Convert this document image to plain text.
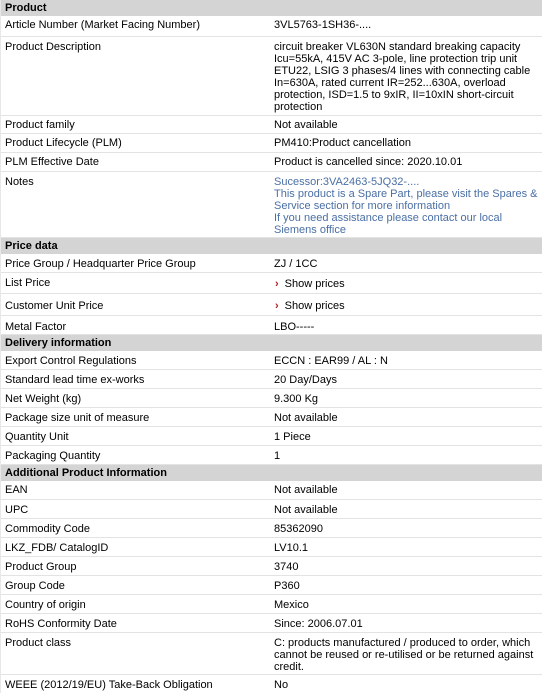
Product
Article Number (Market Facing Number)	3VL5763-1SH36-....
Product Description	circuit breaker VL630N standard breaking capacity Icu=55kA, 415V AC 3-pole, line protection trip unit ETU22, LSIG 3 phases/4 lines with connecting cable In=630A, rated current IR=252...630A, overload protection, ISD=1.5 to 9xIR, II=10xIN short-circuit protection
Product family	Not available
Product Lifecycle (PLM)	PM410:Product cancellation
PLM Effective Date	Product is cancelled since: 2020.10.01
Notes	Sucessor:3VA2463-5JQ32-....
This product is a Spare Part, please visit the Spares & Service section for more information
If you need assistance please contact our local Siemens office
Price data
Price Group / Headquarter Price Group	ZJ / 1CC
List Price	› Show prices
Customer Unit Price	› Show prices
Metal Factor	LBO-----
Delivery information
Export Control Regulations	ECCN : EAR99 / AL : N
Standard lead time ex-works	20 Day/Days
Net Weight (kg)	9.300 Kg
Package size unit of measure	Not available
Quantity Unit	1 Piece
Packaging Quantity	1
Additional Product Information
EAN	Not available
UPC	Not available
Commodity Code	85362090
LKZ_FDB/ CatalogID	LV10.1
Product Group	3740
Group Code	P360
Country of origin	Mexico
RoHS Conformity Date	Since: 2006.07.01
Product class	C: products manufactured / produced to order, which cannot be reused or re-utilised or be returned against credit.
WEEE (2012/19/EU) Take-Back Obligation	No
